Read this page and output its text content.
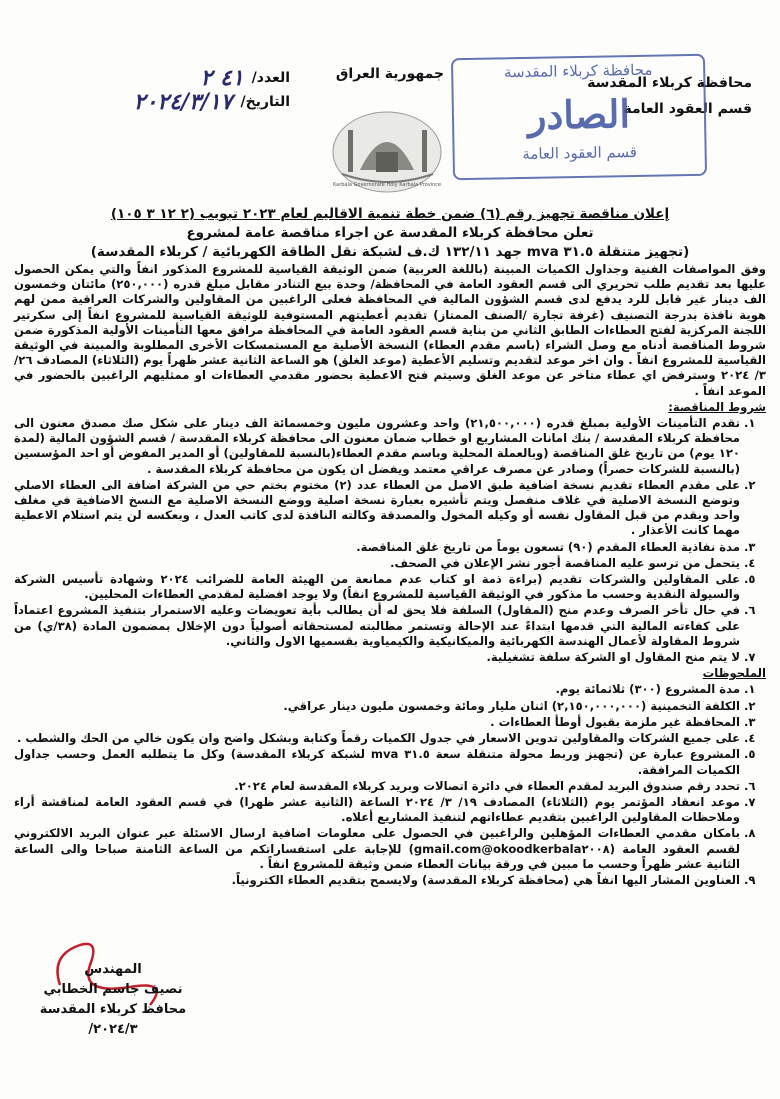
محافظة كربلاء المقدسة
قسم العقود العامة
جمهورية العراق
العدد/
٤١ ٢
التاريخ/
٢٠٢٤/٣/١٧
محافظة كربلاء المقدسة
الصادر
قسم العقود العامة
Karbala Governorate Holy Karbala Province
إعلان مناقصة تجهيز رقم (٦) ضمن خطة تنمية الاقاليم لعام ٢٠٢٣ تبويب (٢ ١٢ ٣ ١٠٥)
تعلن محافظة كربلاء المقدسة عن اجراء مناقصة عامة لمشروع
(تجهيز متنقلة ٣١.٥ mva جهد ١٣٢/١١ ك.ف لشبكة نقل الطاقة الكهربائية / كربلاء المقدسة)

وفق المواصفات الفنية وجداول الكميات المبينة (باللغة العربية) ضمن الوثيقة القياسية للمشروع المذكور انفاً والتي يمكن الحصول عليها بعد تقديم طلب تحريري الى قسم العقود العامة في المحافظة/ وحدة بيع التنادر مقابل مبلغ قدره (٢٥٠,٠٠٠) مائتان وخمسون الف دينار غير قابل للرد يدفع لدى قسم الشؤون المالية في المحافظة فعلى الراغبين من المقاولين والشركات العراقية ممن لهم هوية نافذة بدرجة التصنيف (غرفة تجارة /الصنف الممتاز) تقديم أعطيتهم المستوفية للوثيقة القياسية للمشروع انفاً إلى سكرتير اللجنة المركزية لفتح العطاءات الطابق الثاني من بناية قسم العقود العامة في المحافظة مرافق معها التأمينات الأولية المذكورة ضمن شروط المناقصة أدناه مع وصل الشراء (باسم مقدم العطاء) النسخة الأصلية مع المستمسكات الأخرى المطلوبة والمبينة في الوثيقة القياسية للمشروع انفاً . وان اخر موعد لتقديم وتسليم الأعطية (موعد الغلق) هو الساعة الثانية عشر ظهراً يوم (الثلاثاء) المصادف ٢٦/ ٣/ ٢٠٢٤ وسترفض اي عطاء متاخر عن موعد الغلق وسيتم فتح الاعطية بحضور مقدمي العطاءات او ممثليهم الراغبين بالحضور في الموعد انفاً .

شروط المناقصة:

١.
تقدم التأمينات الأولية بمبلغ قدره (٢١,٥٠٠,٠٠٠) واحد وعشرون مليون وخمسمائة الف دينار على شكل صك مصدق معنون الى محافظة كربلاء المقدسة / بنك امانات المشاريع او خطاب ضمان معنون الى محافظة كربلاء المقدسة / قسم الشؤون المالية (لمدة ١٢٠ يوم) من تاريخ غلق المناقصة (وبالعملة المحلية وباسم مقدم العطاء(بالنسبة للمقاولين) أو المدير المفوض أو احد المؤسسين (بالنسبة للشركات حصراً) وصادر عن مصرف عراقي معتمد ويفضل ان يكون من محافظة كربلاء المقدسة .

٢.
على مقدم العطاء تقديم نسخة اضافية طبق الاصل من العطاء عدد (٢) مختوم بختم حي من الشركة اضافة الى العطاء الاصلي وتوضع النسخة الاصلية في غلاف منفصل ويتم تأشيره بعبارة نسخة اصلية ووضع النسخة الاصلية مع النسخ الاضافية في مغلف واحد ويقدم من قبل المقاول نفسه أو وكيله المخول والمصدقة وكالته النافذة لدى كاتب العدل ، وبعكسه لن يتم استلام الاعطية مهما كانت الأعذار .

٣.
مدة نفاذية العطاء المقدم (٩٠) تسعون يوماً من تاريخ غلق المناقصة.

٤.
يتحمل من ترسو عليه المناقصة أجور نشر الإعلان في الصحف.

٥.
على المقاولين والشركات تقديم (براءة ذمة او كتاب عدم ممانعة من الهيئة العامة للضرائب ٢٠٢٤ وشهادة تأسيس الشركة والسيولة النقدية وحسب ما مذكور في الوثيقة القياسية للمشروع انفاً) ولا يوجد افضلية لمقدمي العطاءات المحليين.

٦.
في حال تأخر الصرف وعدم منح (المقاول) السلفة فلا يحق له أن يطالب بأية تعويضات وعليه الاستمرار بتنفيذ المشروع اعتماداً على كفاءته المالية التي قدمها ابتداءً عند الإحالة وتستمر مطالبته لمستحقاته أصولياً دون الإخلال بمضمون المادة (٣٨/ي) من شروط المقاولة لأعمال الهندسة الكهربائية والميكانيكية والكيمياوية بقسميها الاول والثاني.

٧.
لا يتم منح المقاول او الشركة سلفة تشغيلية.

الملحوظات

١.
مدة المشروع (٣٠٠) ثلاثمائة يوم.

٢.
الكلفة التخمينية (٢,١٥٠,٠٠٠,٠٠٠) اثنان مليار ومائة وخمسون مليون دينار عراقي.

٣.
المحافظة غير ملزمة بقبول أوطأ العطاءات .

٤.
على جميع الشركات والمقاولين تدوين الاسعار في جدول الكميات رقماً وكتابة وبشكل واضح وان يكون خالي من الحك والشطب .

٥.
المشروع عبارة عن (تجهيز وربط محولة متنقلة سعة ٣١.٥ mva لشبكة كربلاء المقدسة) وكل ما يتطلبه العمل وحسب جداول الكميات المرافقة.

٦.
تحدد رقم صندوق البريد لمقدم العطاء في دائرة اتصالات وبريد كربلاء المقدسة لعام ٢٠٢٤.

٧.
موعد انعقاد المؤتمر يوم (الثلاثاء) المصادف ١٩/ ٣/ ٢٠٢٤ الساعة (الثانية عشر ظهرا) في قسم العقود العامة لمناقشة أراء وملاحظات المقاولين الراغبين بتقديم عطاءاتهم لتنفيذ المشاريع أعلاه.

٨.
بامكان مقدمي العطاءات المؤهلين والراغبين في الحصول على معلومات اضافية ارسال الاسئلة عبر عنوان البريد الالكتروني لقسم العقود العامة (okoodkerbala٢٠٠٨@gmail.com) للإجابة على استفساراتكم من الساعة الثامنة صباحا والى الساعة الثانية عشر ظهراً وحسب ما مبين في ورقة بيانات العطاء ضمن وثيقة للمشروع انفاً .

٩.
العناوين المشار اليها انفاً هي (محافظة كربلاء المقدسة) ولايسمح بتقديم العطاء الكترونياً.

المهندس
نصيف جاسم الخطابي
محافظ كربلاء المقدسة
٢٠٢٤/٣/
